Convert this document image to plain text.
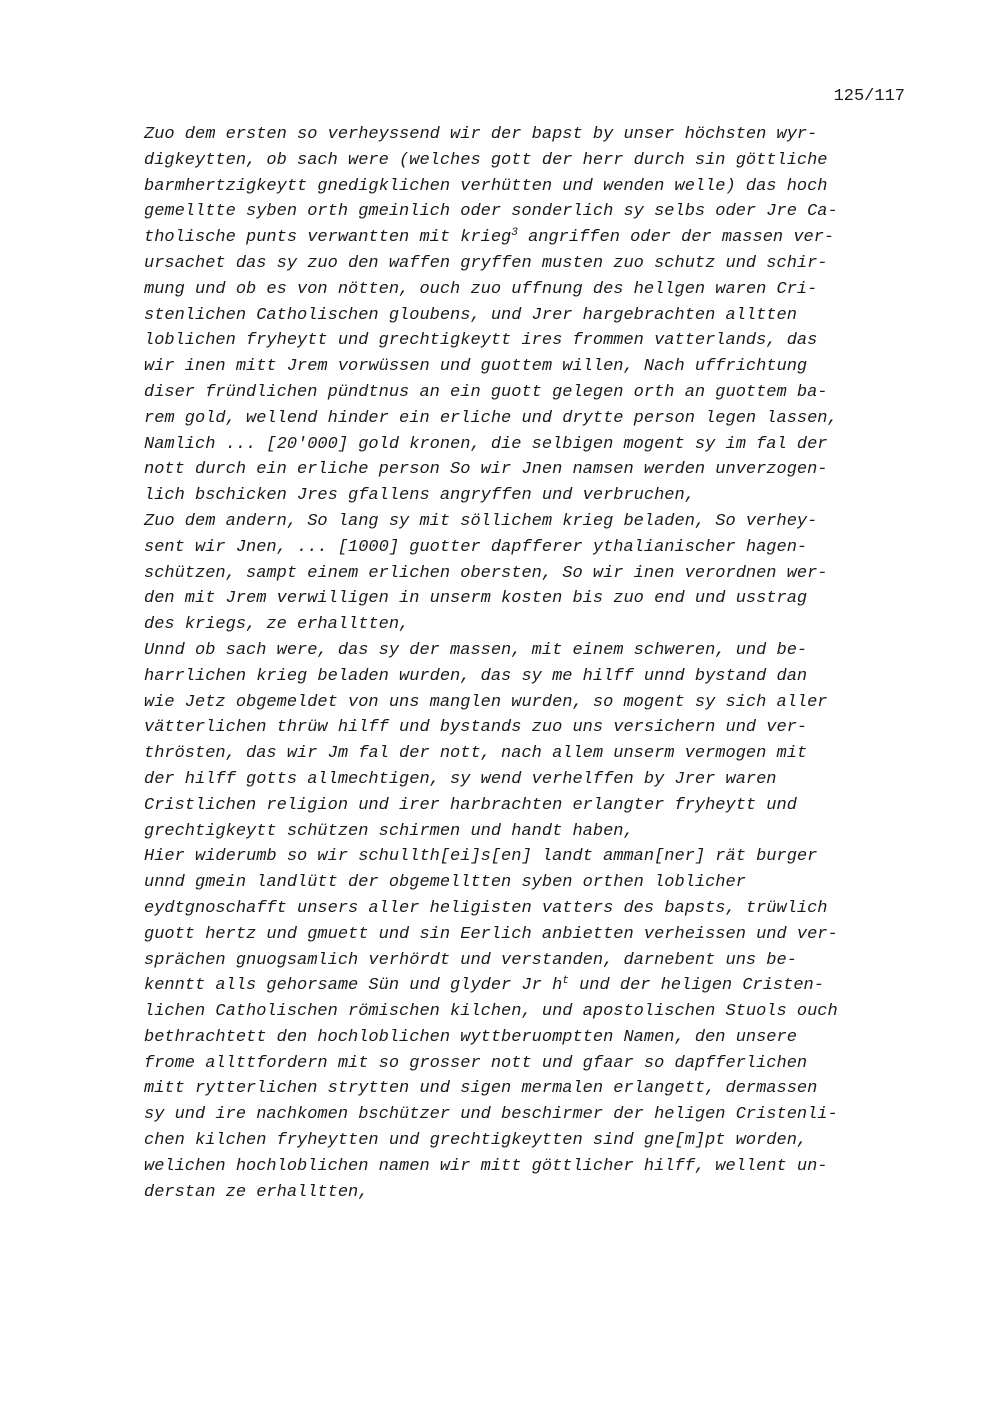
125/117
Zuo dem ersten so verheyssend wir der bapst by unser höchsten wyr-
digkeytten, ob sach were (welches gott der herr durch sin göttliche
barmhertzigkeytt gnedigklichen verhütten und wenden welle) das hoch
gemelltte syben orth gmeinlich oder sonderlich sy selbs oder Jre Ca-
tholische punts verwantten mit krieg$^3$ angriffen oder der massen ver-
ursachet das sy zuo den waffen gryffen musten zuo schutz und schir-
mung und ob es von nötten, ouch zuo uffnung des hellgen waren Cri-
stenlichen Catholischen gloubens, und Jrer hargebrachten alltten
loblichen fryheytt und grechtigkeytt ires frommen vatterlands, das
wir inen mitt Jrem vorwüssen und guottem willen, Nach uffrichtung
diser fründlichen pündtnus an ein guott gelegen orth an guottem ba-
rem gold, wellend hinder ein erliche und drytte person legen lassen,
Namlich ... [20'000] gold kronen, die selbigen mogent sy im fal der
nott durch ein erliche person So wir Jnen namsen werden unverzogen-
lich bschicken Jres gfallens angryffen und verbruchen,
Zuo dem andern, So lang sy mit söllichem krieg beladen, So verhey-
sent wir Jnen, ... [1000] guotter dapfferer ythalianischer hagen-
schützen, sampt einem erlichen obersten, So wir inen verordnen wer-
den mit Jrem verwilligen in unserm kosten bis zuo end und usstrag
des kriegs, ze erhalltten,
Unnd ob sach were, das sy der massen, mit einem schweren, und be-
harrlichen krieg beladen wurden, das sy me hilff unnd bystand dan
wie Jetz obgemeldet von uns manglen wurden, so mogent sy sich aller
vätterlichen thrüw hilff und bystands zuo uns versichern und ver-
thrösten, das wir Jm fal der nott, nach allem unserm vermogen mit
der hilff gotts allmechtigen, sy wend verhelffen by Jrer waren
Cristlichen religion und irer harbrachten erlangter fryheytt und
grechtigkeytt schützen schirmen und handt haben,
Hier widerumb so wir schullth[ei]s[en] landt amman[ner] rät burger
unnd gmein landlütt der obgemelltten syben orthen loblicher
eydtgnoschafft unsers aller heligisten vatters des bapsts, trüwlich
guott hertz und gmuett und sin Eerlich anbietten verheissen und ver-
sprächen gnuogsamlich verhördt und verstanden, darnebent uns be-
kenntt alls gehorsame Sün und glyder Jr $h^t$ und der heligen Cristen-
lichen Catholischen römischen kilchen, und apostolischen Stuols ouch
bethrachtett den hochloblichen wyttberuomptten Namen, den unsere
frome allttfordern mit so grosser nott und gfaar so dapfferlichen
mitt rytterlichen strytten und sigen mermalen erlangett, dermassen
sy und ire nachkomen bschützer und beschirmer der heligen Cristenli-
chen kilchen fryheytten und grechtigkeytten sind gne[m]pt worden,
welichen hochloblichen namen wir mitt göttlicher hilff, wellent un-
derstan ze erhalltten,
